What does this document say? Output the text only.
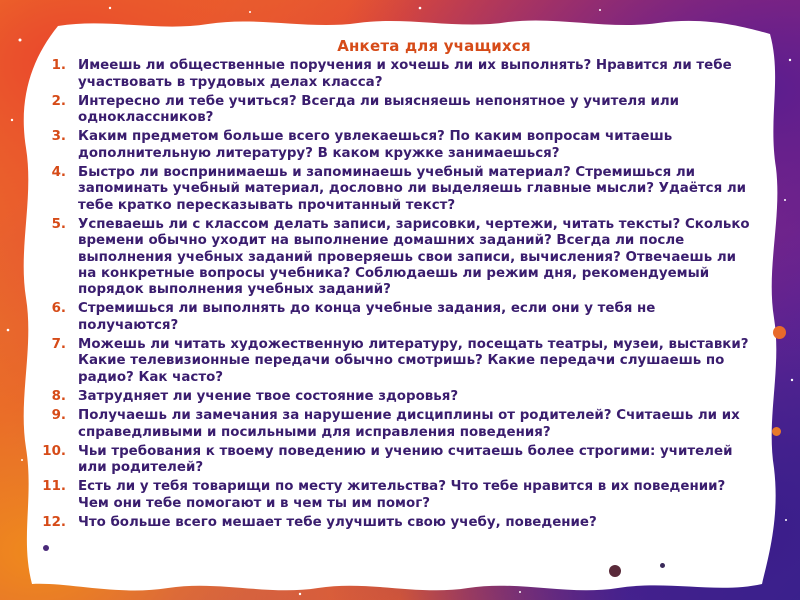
Анкета для учащихся
1. Имеешь ли общественные поручения и хочешь ли их выполнять? Нравится ли тебе участвовать в трудовых делах класса?
2. Интересно ли тебе учиться? Всегда ли выясняешь непонятное у учителя или одноклассников?
3. Каким предметом больше всего увлекаешься? По каким вопросам читаешь дополнительную литературу? В каком кружке занимаешься?
4. Быстро ли воспринимаешь и запоминаешь учебный материал? Стремишься ли запоминать учебный материал, дословно ли выделяешь главные мысли? Удаётся ли тебе кратко пересказывать прочитанный текст?
5. Успеваешь ли с классом делать записи, зарисовки, чертежи, читать тексты? Сколько времени обычно уходит на выполнение домашних заданий? Всегда ли после выполнения учебных заданий проверяешь свои записи, вычисления? Отвечаешь ли на конкретные вопросы учебника? Соблюдаешь ли режим дня, рекомендуемый порядок выполнения учебных заданий?
6. Стремишься ли выполнять до конца учебные задания, если они у тебя не получаются?
7. Можешь ли читать художественную литературу, посещать театры, музеи, выставки? Какие телевизионные передачи обычно смотришь? Какие передачи слушаешь по радио? Как часто?
8. Затрудняет ли учение твое состояние здоровья?
9. Получаешь ли замечания за нарушение дисциплины от родителей? Считаешь ли их справедливыми и посильными для исправления поведения?
10. Чьи требования к твоему поведению и учению считаешь более строгими: учителей или родителей?
11. Есть ли у тебя товарищи по месту жительства? Что тебе нравится в их поведении? Чем они тебе помогают и в чем ты им помог?
12. Что больше всего мешает тебе улучшить свою учебу, поведение?
